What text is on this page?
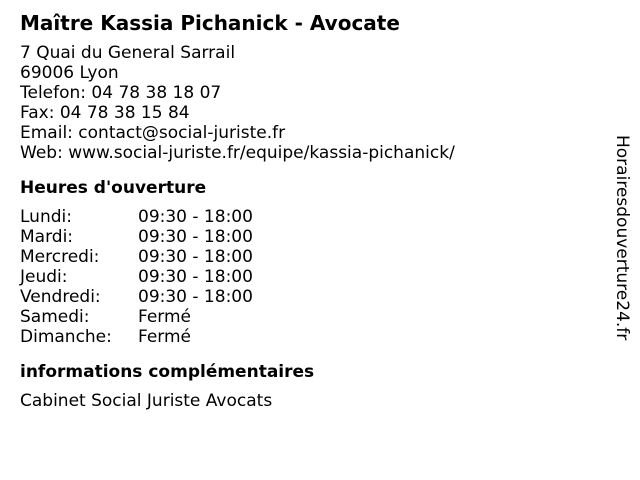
Maître Kassia Pichanick - Avocate
7 Quai du General Sarrail
69006 Lyon
Telefon: 04 78 38 18 07
Fax: 04 78 38 15 84
Email: contact@social-juriste.fr
Web: www.social-juriste.fr/equipe/kassia-pichanick/
Heures d'ouverture
Lundi:	09:30 - 18:00
Mardi:	09:30 - 18:00
Mercredi:	09:30 - 18:00
Jeudi:	09:30 - 18:00
Vendredi:	09:30 - 18:00
Samedi:	Fermé
Dimanche:	Fermé
informations complémentaires
Cabinet Social Juriste Avocats
Horairesdouverture24.fr
